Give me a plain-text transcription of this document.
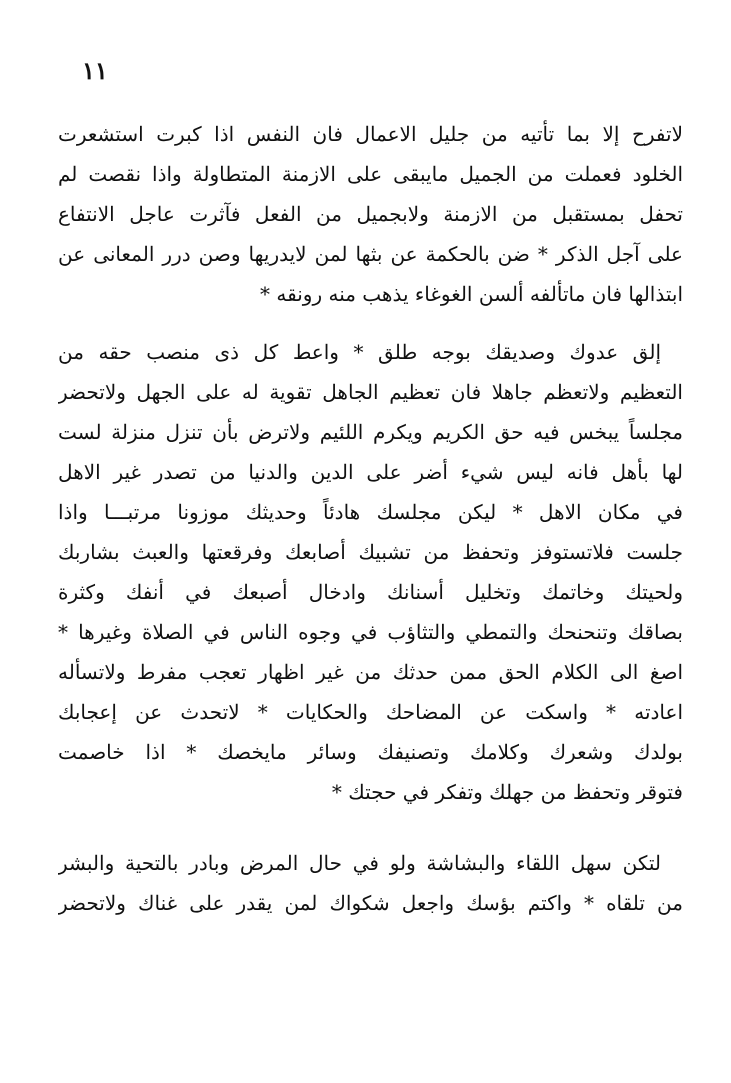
١١
لاتفرح إلا بما تأتيه من جليل الاعمال فان النفس اذا كبرت استشعرت
الخلود فعملت من الجميل مايبقى على الازمنة المتطاولة واذا نقصت لم
تحفل بمستقبل من الازمنة ولابجميل من الفعل فآثرت عاجل الانتفاع
على آجل الذكر * ضن بالحكمة عن بثها لمن لايدريها وصن درر المعانى عن
ابتذالها فان ماتألفه ألسن الغوغاء يذهب منه رونقه *
إلق عدوك وصديقك بوجه طلق * واعط كل ذى منصب حقه من
التعظيم ولاتعظم جاهلا فان تعظيم الجاهل تقوية له على الجهل ولاتحضر
مجلساً يبخس فيه حق الكريم ويكرم اللئيم ولاترض بأن تنزل منزلة لست
لها بأهل فانه ليس شيء أضر على الدين والدنيا من تصدر غير الاهل
في مكان الاهل * ليكن مجلسك هادئاً وحديثك موزونا مرتبـــا واذا
جلست فلاتستوفز وتحفظ من تشبيك أصابعك وفرقعتها والعبث بشاربك
ولحيتك وخاتمك وتخليل أسنانك وادخال أصبعك في أنفك وكثرة
بصاقك وتنحنحك والتمطي والتثاؤب في وجوه الناس في الصلاة وغيرها *
اصغ الى الكلام الحق ممن حدثك من غير اظهار تعجب مفرط ولاتسأله
اعادته * واسكت عن المضاحك والحكايات * لاتحدث عن إعجابك
بولدك وشعرك وكلامك وتصنيفك وسائر مايخصك * اذا خاصمت
فتوقر وتحفظ من جهلك وتفكر في حجتك *
لتكن سهل اللقاء والبشاشة ولو في حال المرض وبادر بالتحية والبشر
من تلقاه * واكتم بؤسك واجعل شكواك لمن يقدر على غناك ولاتحضر
